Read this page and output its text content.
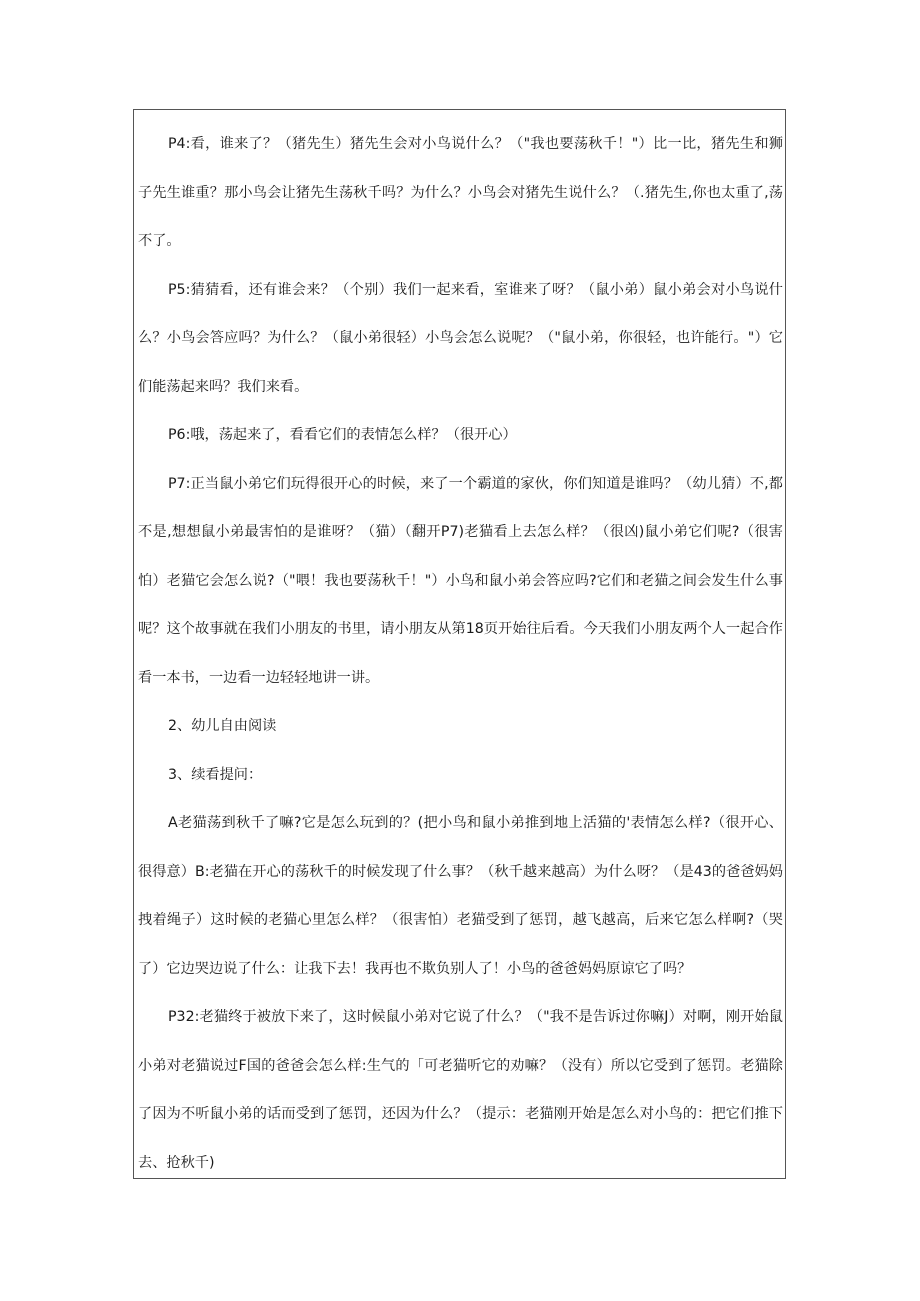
P4:看，谁来了？（猪先生）猪先生会对小鸟说什么？（"我也要荡秋千！"）比一比，猪先生和狮子先生谁重？那小鸟会让猪先生荡秋千吗？为什么？小鸟会对猪先生说什么？（.猪先生,你也太重了,荡不了。

P5:猜猜看，还有谁会来？（个别）我们一起来看，室谁来了呀？（鼠小弟）鼠小弟会对小鸟说什么？小鸟会答应吗？为什么？（鼠小弟很轻）小鸟会怎么说呢？（"鼠小弟，你很轻，也许能行。"）它们能荡起来吗？我们来看。

P6:哦，荡起来了，看看它们的表情怎么样？（很开心）

P7:正当鼠小弟它们玩得很开心的时候，来了一个霸道的家伙，你们知道是谁吗？（幼儿猜）不,都不是,想想鼠小弟最害怕的是谁呀？（猫）（翻开P7)老猫看上去怎么样？（很凶)鼠小弟它们呢?（很害怕）老猫它会怎么说?（"喂！我也要荡秋千！"）小鸟和鼠小弟会答应吗?它们和老猫之间会发生什么事呢？这个故事就在我们小朋友的书里，请小朋友从第18页开始往后看。今天我们小朋友两个人一起合作看一本书，一边看一边轻轻地讲一讲。

2、幼儿自由阅读

3、续看提问：

A老猫荡到秋千了嘛?它是怎么玩到的？(把小鸟和鼠小弟推到地上活猫的'表情怎么样?（很开心、很得意）B:老猫在开心的荡秋千的时候发现了什么事？（秋千越来越高）为什么呀？（是43的爸爸妈妈拽着绳子）这时候的老猫心里怎么样？（很害怕）老猫受到了惩罚，越飞越高，后来它怎么样啊?（哭了）它边哭边说了什么：让我下去！我再也不欺负别人了！小鸟的爸爸妈妈原谅它了吗？

P32:老猫终于被放下来了，这时候鼠小弟对它说了什么？（"我不是告诉过你嘛J）对啊，刚开始鼠小弟对老猫说过F国的爸爸会怎么样:生气的「可老猫听它的劝嘛？（没有）所以它受到了惩罚。老猫除了因为不听鼠小弟的话而受到了惩罚，还因为什么？（提示：老猫刚开始是怎么对小鸟的：把它们推下去、抢秋千)
